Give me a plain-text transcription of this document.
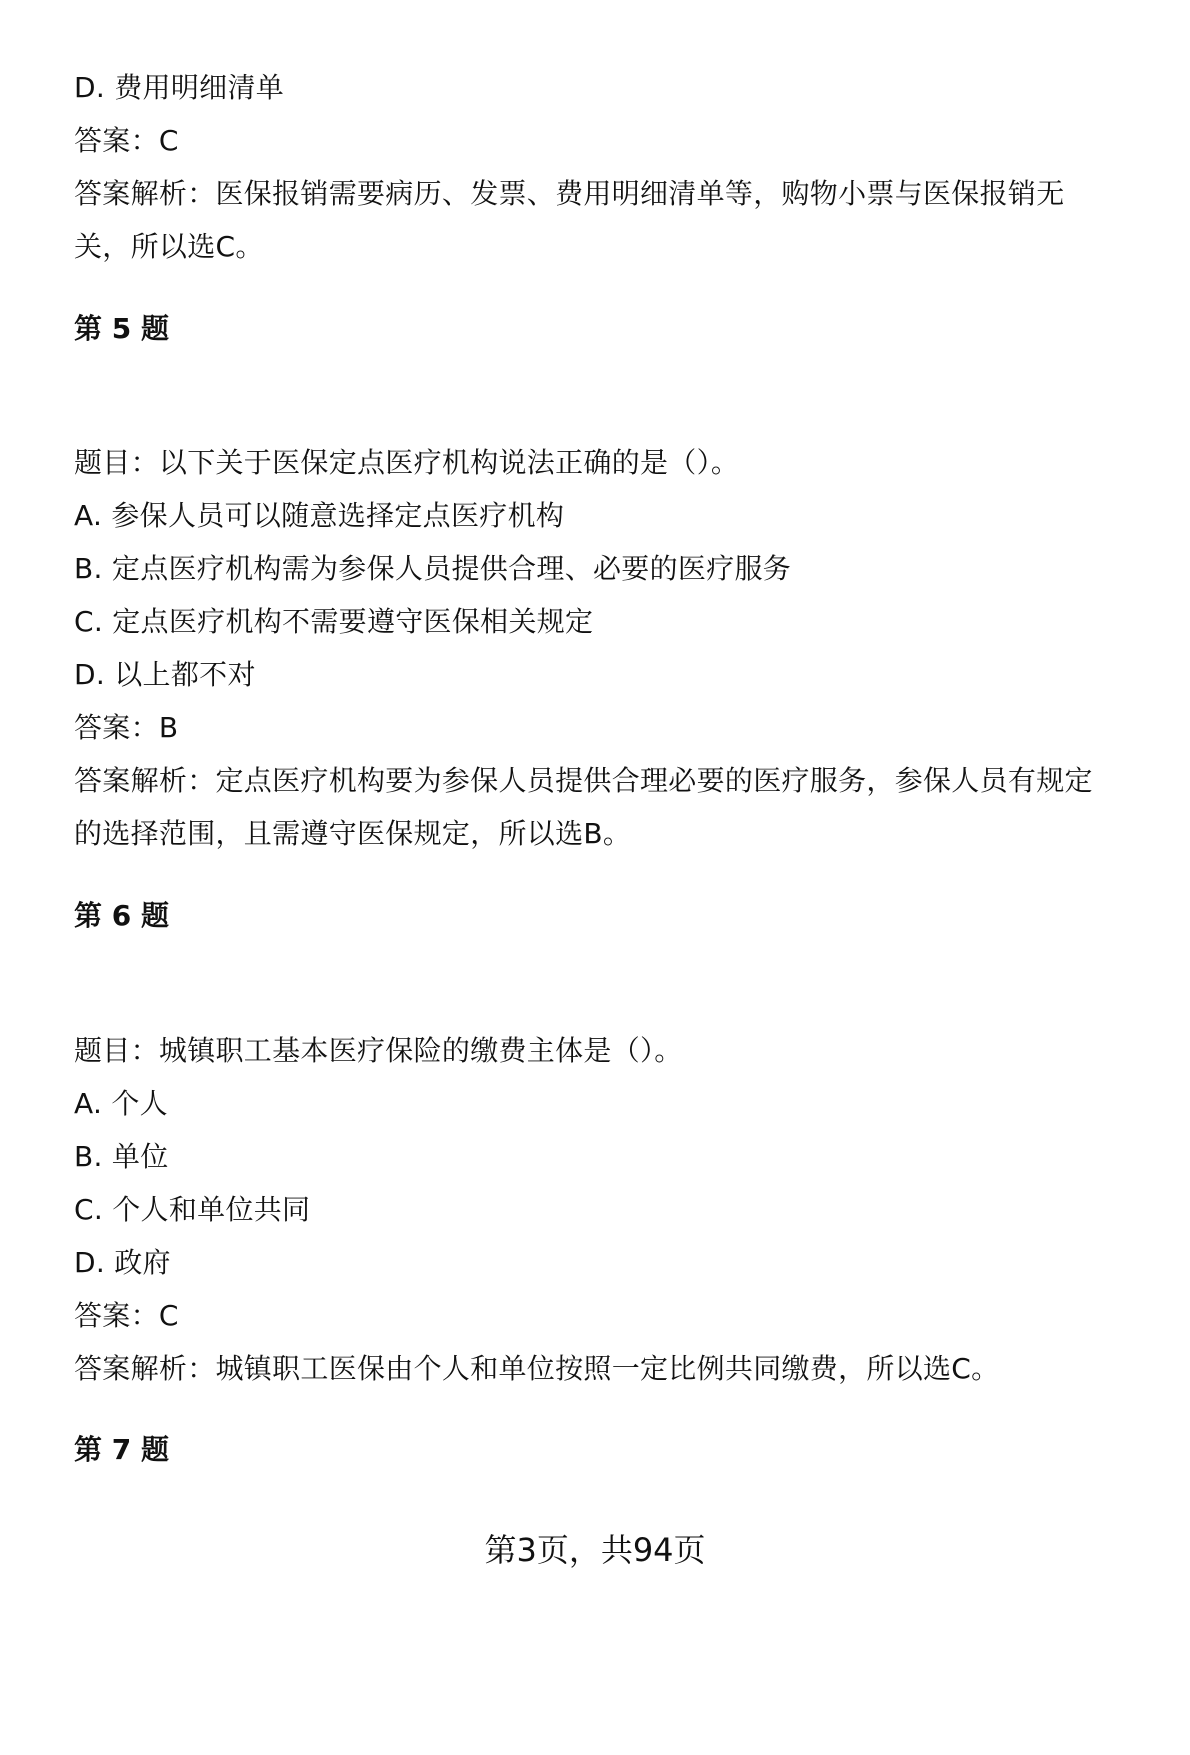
D. 费用明细清单
答案：C
答案解析：医保报销需要病历、发票、费用明细清单等，购物小票与医保报销无
关，所以选C。
第 5 题
题目：以下关于医保定点医疗机构说法正确的是（）。
A. 参保人员可以随意选择定点医疗机构
B. 定点医疗机构需为参保人员提供合理、必要的医疗服务
C. 定点医疗机构不需要遵守医保相关规定
D. 以上都不对
答案：B
答案解析：定点医疗机构要为参保人员提供合理必要的医疗服务，参保人员有规定
的选择范围，且需遵守医保规定，所以选B。
第 6 题
题目：城镇职工基本医疗保险的缴费主体是（）。
A. 个人
B. 单位
C. 个人和单位共同
D. 政府
答案：C
答案解析：城镇职工医保由个人和单位按照一定比例共同缴费，所以选C。
第 7 题
第3页，共94页
